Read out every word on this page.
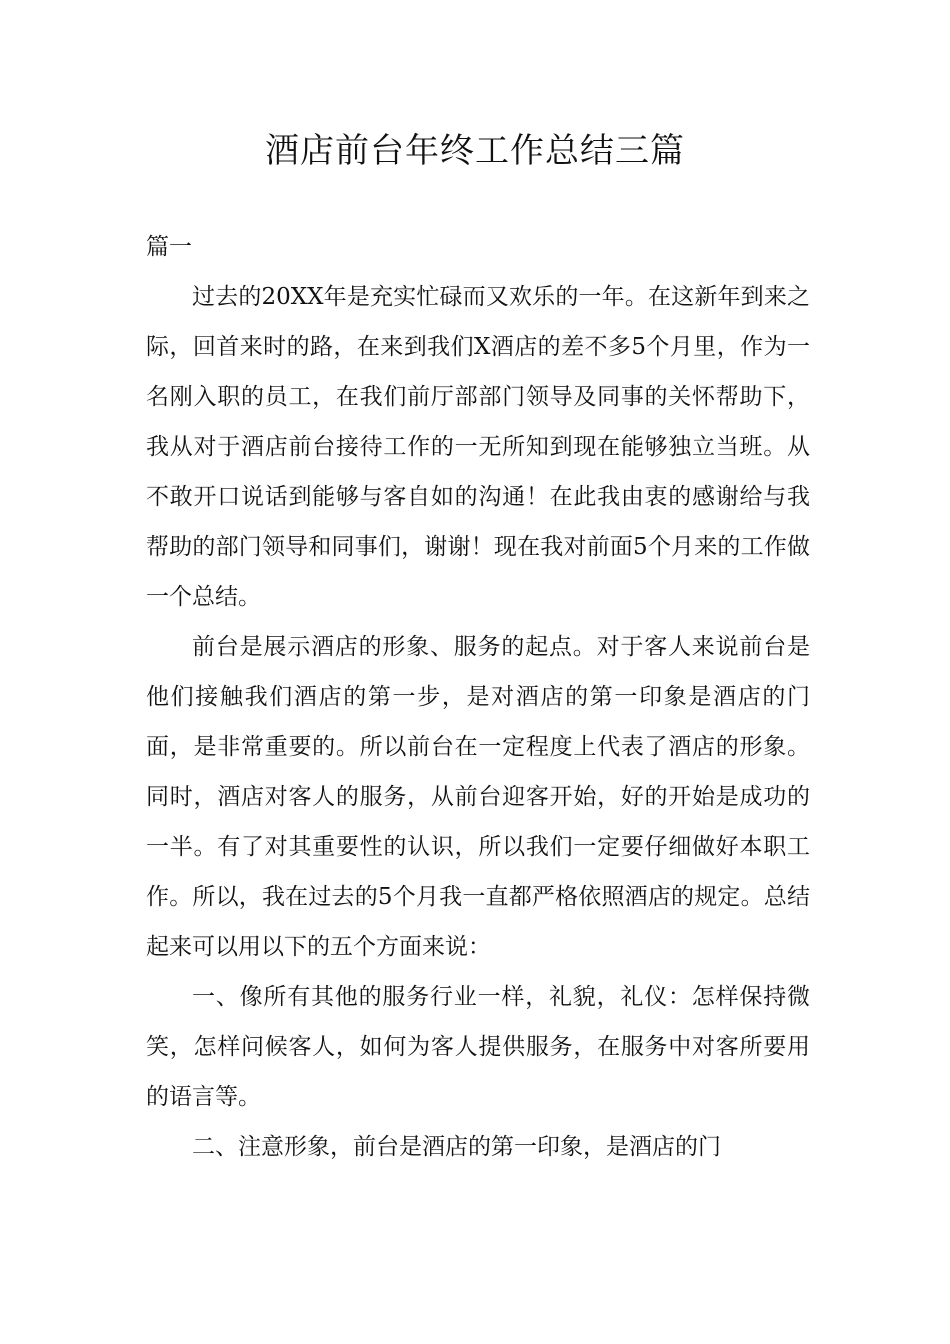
酒店前台年终工作总结三篇

篇一

过去的20XX年是充实忙碌而又欢乐的一年。在这新年到来之际，回首来时的路，在来到我们X酒店的差不多5个月里，作为一名刚入职的员工，在我们前厅部部门领导及同事的关怀帮助下，我从对于酒店前台接待工作的一无所知到现在能够独立当班。从不敢开口说话到能够与客自如的沟通！在此我由衷的感谢给与我帮助的部门领导和同事们，谢谢！现在我对前面5个月来的工作做一个总结。

前台是展示酒店的形象、服务的起点。对于客人来说前台是他们接触我们酒店的第一步，是对酒店的第一印象是酒店的门面，是非常重要的。所以前台在一定程度上代表了酒店的形象。同时，酒店对客人的服务，从前台迎客开始，好的开始是成功的一半。有了对其重要性的认识，所以我们一定要仔细做好本职工作。所以，我在过去的5个月我一直都严格依照酒店的规定。总结起来可以用以下的五个方面来说：

一、像所有其他的服务行业一样，礼貌，礼仪：怎样保持微笑，怎样问候客人，如何为客人提供服务，在服务中对客所要用的语言等。

二、注意形象，前台是酒店的第一印象，是酒店的门
